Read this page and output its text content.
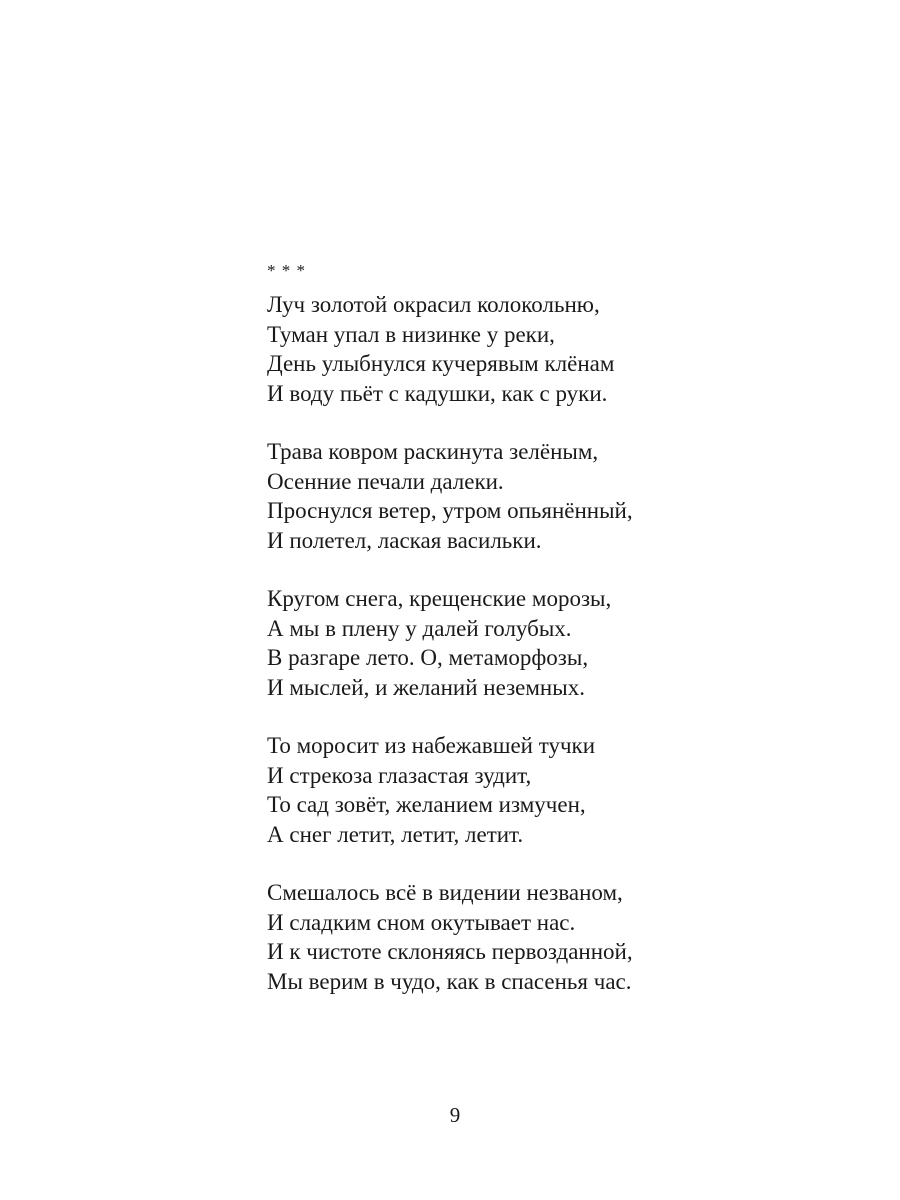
* * *
Луч золотой окрасил колокольню,
Туман упал в низинке у реки,
День улыбнулся кучерявым клёнам
И воду пьёт с кадушки, как с руки.
Трава ковром раскинута зелёным,
Осенние печали далеки.
Проснулся ветер, утром опьянённый,
И полетел, лаская васильки.
Кругом снега, крещенские морозы,
А мы в плену у далей голубых.
В разгаре лето. О, метаморфозы,
И мыслей, и желаний неземных.
То моросит из набежавшей тучки
И стрекоза глазастая зудит,
То сад зовёт, желанием измучен,
А снег летит, летит, летит.
Смешалось всё в видении незваном,
И сладким сном окутывает нас.
И к чистоте склоняясь первозданной,
Мы верим в чудо, как в спасенья час.
9
